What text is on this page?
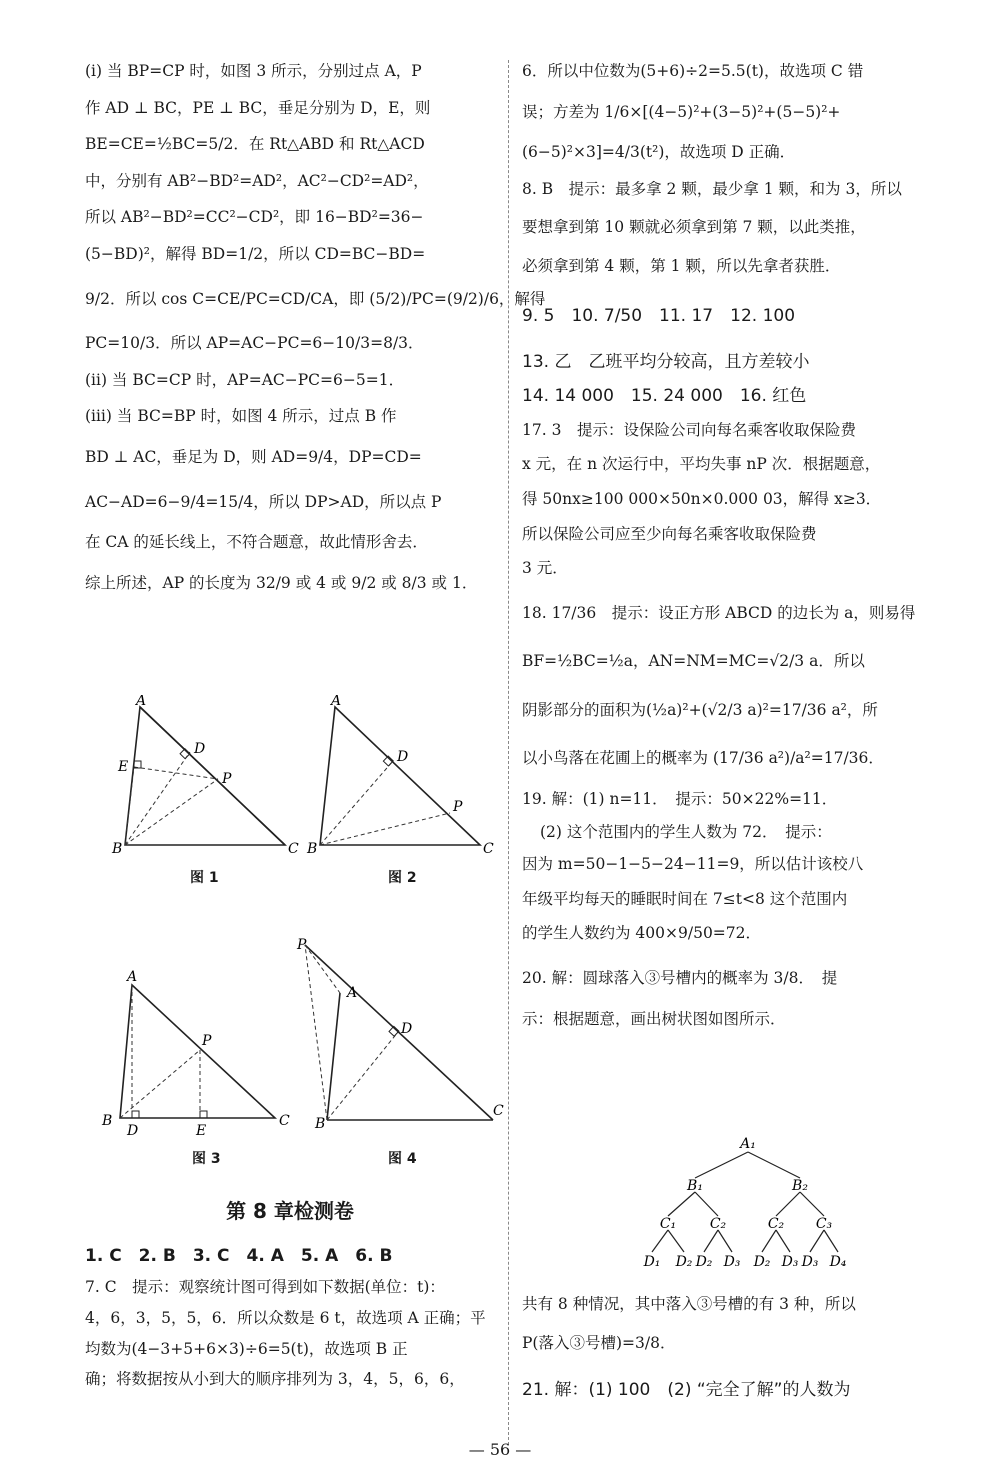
(ⅰ) 当 BP=CP 时，如图 3 所示，分别过点 A，P

作 AD ⊥ BC，PE ⊥ BC，垂足分别为 D，E，则

BE=CE=½BC=5/2．在 Rt△ABD 和 Rt△ACD

中，分别有 AB²−BD²=AD²，AC²−CD²=AD²，

所以 AB²−BD²=CC²−CD²，即 16−BD²=36−

(5−BD)²，解得 BD=1/2，所以 CD=BC−BD=

9/2．所以 cos C=CE/PC=CD/CA，即 (5/2)/PC=(9/2)/6，解得

PC=10/3．所以 AP=AC−PC=6−10/3=8/3．

(ⅱ) 当 BC=CP 时，AP=AC−PC=6−5=1．

(ⅲ) 当 BC=BP 时，如图 4 所示，过点 B 作

BD ⊥ AC，垂足为 D，则 AD=9/4，DP=CD=

AC−AD=6−9/4=15/4，所以 DP>AD，所以点 P

在 CA 的延长线上，不符合题意，故此情形舍去．

综上所述，AP 的长度为 32/9 或 4 或 9/2 或 8/3 或 1．

A
B	C
D
E
P
图 1
A
B	C
D
P
图 2
A
B	C
D	E
P
图 3
P
A
B
C
D
图 4

第 8 章检测卷

1. C　2. B　3. C　4. A　5. A　6. B

7. C　提示：观察统计图可得到如下数据(单位：t)：

4，6，3，5，5，6．所以众数是 6 t，故选项 A 正确；平

均数为(4−3+5+6×3)÷6=5(t)，故选项 B 正

确；将数据按从小到大的顺序排列为 3，4，5，6，6，

6．所以中位数为(5+6)÷2=5.5(t)，故选项 C 错

误；方差为 1/6×[(4−5)²+(3−5)²+(5−5)²+

(6−5)²×3]=4/3(t²)，故选项 D 正确．

8. B　提示：最多拿 2 颗，最少拿 1 颗，和为 3，所以

要想拿到第 10 颗就必须拿到第 7 颗，以此类推，

必须拿到第 4 颗，第 1 颗，所以先拿者获胜．

9. 5　10. 7/50　11. 17　12. 100

13. 乙　乙班平均分较高，且方差较小

14. 14 000　15. 24 000　16. 红色

17. 3　提示：设保险公司向每名乘客收取保险费

x 元，在 n 次运行中，平均失事 nP 次．根据题意，

得 50nx≥100 000×50n×0.000 03，解得 x≥3．

所以保险公司应至少向每名乘客收取保险费

3 元．

18. 17/36　提示：设正方形 ABCD 的边长为 a，则易得

BF=½BC=½a，AN=NM=MC=√2/3 a．所以

阴影部分的面积为(½a)²+(√2/3 a)²=17/36 a²，所

以小鸟落在花圃上的概率为 (17/36 a²)/a²=17/36．

19. 解：(1) n=11．　提示：50×22%=11．

(2) 这个范围内的学生人数为 72．　提示：

因为 m=50−1−5−24−11=9，所以估计该校八

年级平均每天的睡眠时间在 7≤t<8 这个范围内

的学生人数约为 400×9/50=72．

20. 解：圆球落入③号槽内的概率为 3/8．　提

示：根据题意，画出树状图如图所示．

A₁
B₁	B₂
C₁ C₂	C₂ C₃
D₁ D₂ D₂ D₃ D₂ D₃ D₃ D₄

共有 8 种情况，其中落入③号槽的有 3 种，所以

P(落入③号槽)=3/8．

21. 解：(1) 100　(2) “完全了解”的人数为

— 56 —
